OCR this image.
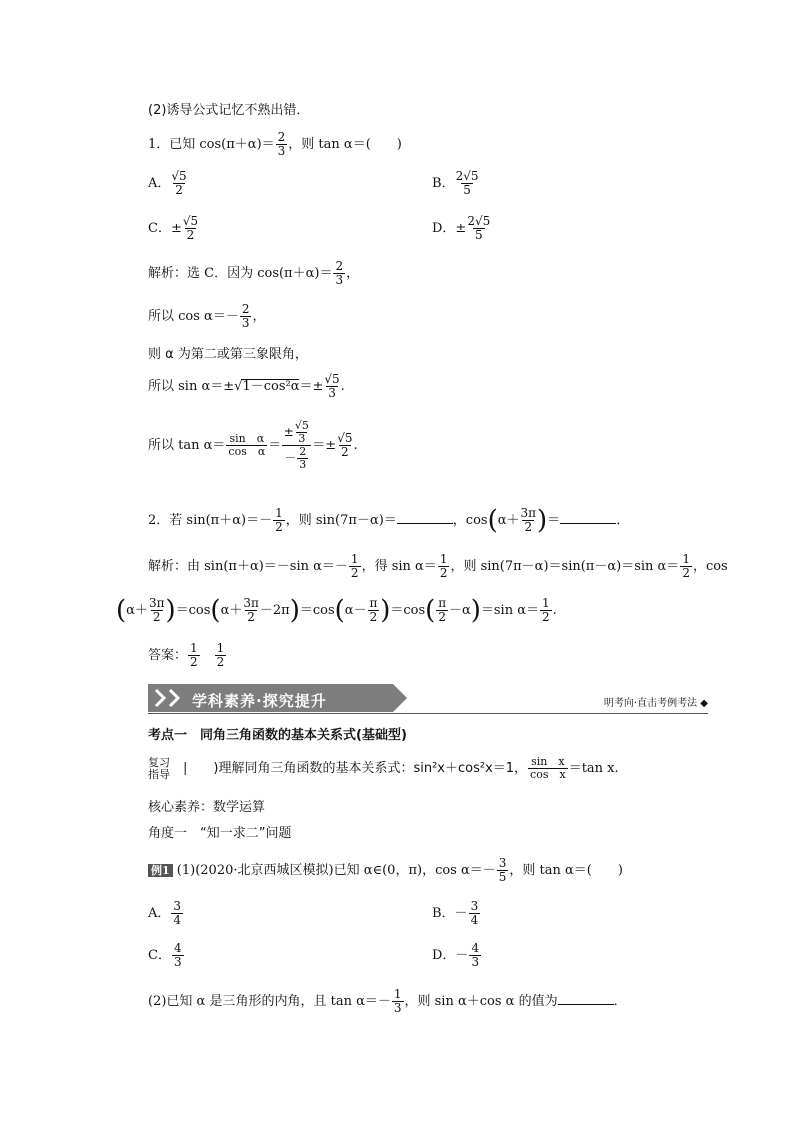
(2)诱导公式记忆不熟出错．
1．已知 $\cos(\pi+\alpha)= \frac{2}{3}$ ，则 tan α＝(　　)
A． $\frac{√5}{2}$	B． $\frac{2√5}{5}$
C．± $\frac{√5}{2}$	D．± $\frac{2√5}{5}$
解析：选 C．因为 $\cos(\pi+\alpha)= \frac{2}{3}$ ，
所以 $\cos \alpha=- \frac{2}{3}$ ，
则 α 为第二或第三象限角，
所以 $\sin \alpha=\pm√1-\cos^2\alpha=\pm \frac{√5}{3}$ .
所以 $\tan \alpha= \frac{\text{sin　α}}{\text{cos　α}} = \frac{\pm \frac{√5}{3}}{- \frac{2}{3}} =\pm \frac{√5}{2}$ .
2．若 $\sin(\pi+\alpha)=- \frac{1}{2}$ ，则 sin(7π－α)＝	，$\cos(\alpha+ \frac{3\pi}{2}$ )＝	．
解析：由 sin(π＋α)＝－sin $\alpha=- \frac{1}{2}$ ，得 $\sin \alpha= \frac{1}{2}$ ，则 sin(7π－α)＝sin(π－α)＝sin $\alpha= \frac{1}{2}$ ，cos
$(\alpha+ \frac{3\pi}{2} )=\cos(\alpha+ \frac{3\pi}{2} -2\pi)=\cos(\alpha- \frac{\pi}{2} )=\cos( \frac{\pi}{2} -\alpha)=\sin$ $\alpha= \frac{1}{2}$ .
答案： $\frac{1}{2}$
　 $\frac{1}{2}$
学科素养·探究提升	明考向·直击考例考法 ◆
考点一　同角三角函数的基本关系式(基础型)
复习
指导　|　　)理解同角三角函数的基本关系式：sin²x＋cos²x＝1， $\frac{\text{sin　x}}{\text{cos　x}} =\tan$ x.
核心素养：数学运算
角度一　“知一求二”问题
例1 (1)(2020·北京西城区模拟)已知 α∈(0，π)，$\cos \alpha=- \frac{3}{5}$ ，则 tan α＝(　　)
A． $\frac{3}{4}$	B．－ $\frac{3}{4}$
C． $\frac{4}{3}$	D．－ $\frac{4}{3}$
(2)已知 α 是三角形的内角，且 $\tan \alpha=- \frac{1}{3}$ ，则 sin α＋cos α 的值为	．
